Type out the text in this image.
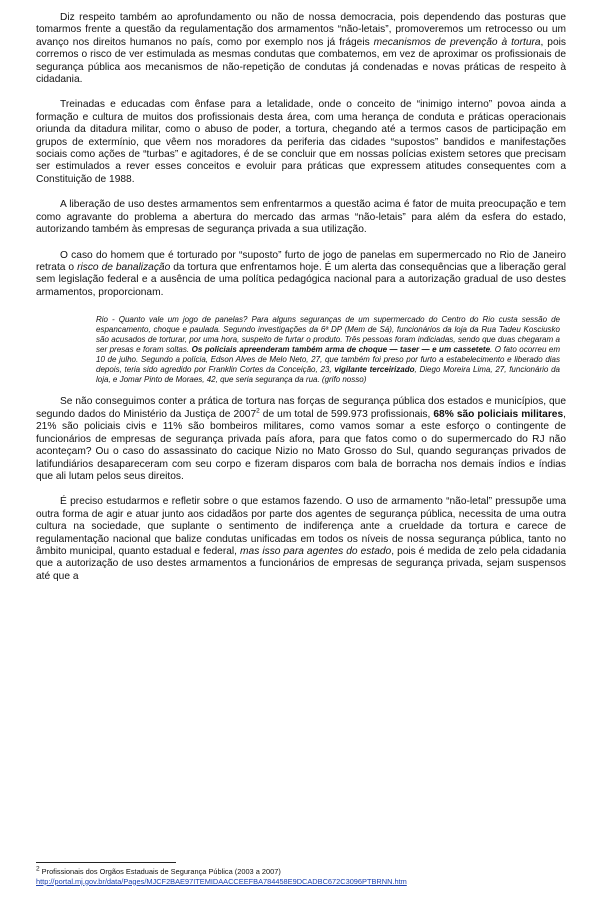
Diz respeito também ao aprofundamento ou não de nossa democracia, pois dependendo das posturas que tomarmos frente a questão da regulamentação dos armamentos “não-letais”, promoveremos um retrocesso ou um avanço nos direitos humanos no país, como por exemplo nos já frágeis mecanismos de prevenção à tortura, pois corremos o risco de ver estimulada as mesmas condutas que combatemos, em vez de aproximar os profissionais de segurança pública aos mecanismos de não-repetição de condutas já condenadas e novas práticas de respeito à cidadania.

Treinadas e educadas com ênfase para a letalidade, onde o conceito de “inimigo interno” povoa ainda a formação e cultura de muitos dos profissionais desta área, com uma herança de conduta e práticas operacionais oriunda da ditadura militar, como o abuso de poder, a tortura, chegando até a termos casos de participação em grupos de extermínio, que vêem nos moradores da periferia das cidades “supostos” bandidos e manifestações sociais como ações de “turbas” e agitadores, é de se concluir que em nossas polícias existem setores que precisam ser estimulados a rever esses conceitos e evoluir para práticas que expressem atitudes consequentes com a Constituição de 1988.

A liberação de uso destes armamentos sem enfrentarmos a questão acima é fator de muita preocupação e tem como agravante do problema a abertura do mercado das armas “não-letais” para além da esfera do estado, autorizando também às empresas de segurança privada a sua utilização.

O caso do homem que é torturado por “suposto” furto de jogo de panelas em supermercado no Rio de Janeiro retrata o risco de banalização da tortura que enfrentamos hoje. É um alerta das consequências que a liberação geral sem legislação federal e a ausência de uma política pedagógica nacional para a autorização gradual de uso destes armamentos, proporcionam.

Rio - Quanto vale um jogo de panelas? Para alguns seguranças de um supermercado do Centro do Rio custa sessão de espancamento, choque e paulada. Segundo investigações da 6ª DP (Mem de Sá), funcionários da loja da Rua Tadeu Kosciusko são acusados de torturar, por uma hora, suspeito de furtar o produto. Três pessoas foram indiciadas, sendo que duas chegaram a ser presas e foram soltas. Os policiais apreenderam também arma de choque — taser — e um cassetete. O fato ocorreu em 10 de julho. Segundo a polícia, Edson Alves de Melo Neto, 27, que também foi preso por furto a estabelecimento e liberado dias depois, teria sido agredido por Franklin Cortes da Conceição, 23, vigilante terceirizado, Diego Moreira Lima, 27, funcionário da loja, e Jomar Pinto de Moraes, 42, que seria segurança da rua. (grifo nosso)

Se não conseguimos conter a prática de tortura nas forças de segurança pública dos estados e municípios, que segundo dados do Ministério da Justiça de 2007$^2$ de um total de 599.973 profissionais, 68% são policiais militares, 21% são policiais civis e 11% são bombeiros militares, como vamos somar a este esforço o contingente de funcionários de empresas de segurança privada país afora, para que fatos como o do supermercado do RJ não aconteçam? Ou o caso do assassinato do cacique Nizio no Mato Grosso do Sul, quando seguranças privados de latifundiários desapareceram com seu corpo e fizeram disparos com bala de borracha nos demais índios e índias que ali lutam pelos seus direitos.

É preciso estudarmos e refletir sobre o que estamos fazendo. O uso de armamento “não-letal” pressupõe uma outra forma de agir e atuar junto aos cidadãos por parte dos agentes de segurança pública, necessita de uma outra cultura na sociedade, que suplante o sentimento de indiferença ante a crueldade da tortura e carece de regulamentação nacional que balize condutas unificadas em todos os níveis de nossa segurança pública, tanto no âmbito municipal, quanto estadual e federal, mas isso para agentes do estado, pois é medida de zelo pela cidadania que a autorização de uso destes armamentos a funcionários de empresas de segurança privada, sejam suspensos até que a

$^2$ Profissionais dos Orgãos Estaduais de Segurança Pública (2003 a 2007) http://portal.mj.gov.br/data/Pages/MJCF2BAE97ITEMIDAACCEEFBA784458E9DCADBC672C3096PTBRNN.htm
